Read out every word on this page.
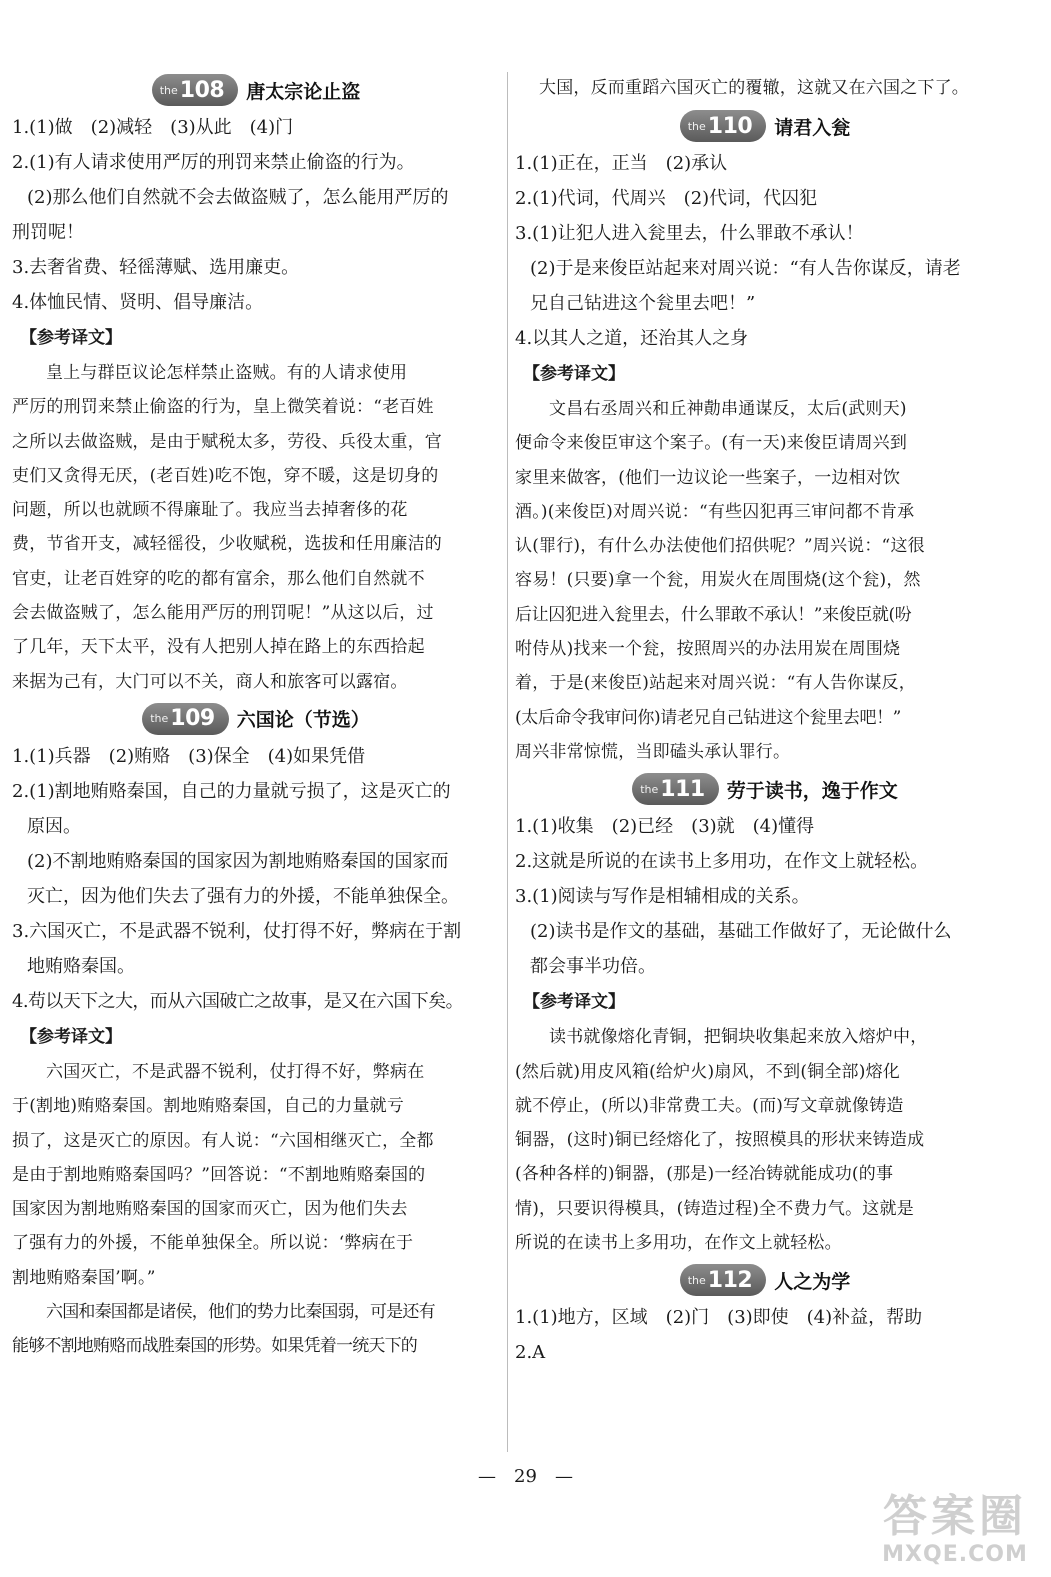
the 108 唐太宗论止盗
1.(1)做　(2)减轻　(3)从此　(4)门
2.(1)有人请求使用严厉的刑罚来禁止偷盗的行为。
(2)那么他们自然就不会去做盗贼了，怎么能用严厉的
刑罚呢！
3.去奢省费、轻徭薄赋、选用廉吏。
4.体恤民情、贤明、倡导廉洁。
【参考译文】
皇上与群臣议论怎样禁止盗贼。有的人请求使用
严厉的刑罚来禁止偷盗的行为，皇上微笑着说：“老百姓
之所以去做盗贼，是由于赋税太多，劳役、兵役太重，官
吏们又贪得无厌，(老百姓)吃不饱，穿不暖，这是切身的
问题，所以也就顾不得廉耻了。我应当去掉奢侈的花
费，节省开支，减轻徭役，少收赋税，选拔和任用廉洁的
官吏，让老百姓穿的吃的都有富余，那么他们自然就不
会去做盗贼了，怎么能用严厉的刑罚呢！”从这以后，过
了几年，天下太平，没有人把别人掉在路上的东西拾起
来据为己有，大门可以不关，商人和旅客可以露宿。
the 109 六国论（节选）
1.(1)兵器　(2)贿赂　(3)保全　(4)如果凭借
2.(1)割地贿赂秦国，自己的力量就亏损了，这是灭亡的
原因。
(2)不割地贿赂秦国的国家因为割地贿赂秦国的国家而
灭亡，因为他们失去了强有力的外援，不能单独保全。
3.六国灭亡，不是武器不锐利，仗打得不好，弊病在于割
地贿赂秦国。
4.苟以天下之大，而从六国破亡之故事，是又在六国下矣。
【参考译文】
六国灭亡，不是武器不锐利，仗打得不好，弊病在
于(割地)贿赂秦国。割地贿赂秦国，自己的力量就亏
损了，这是灭亡的原因。有人说：“六国相继灭亡，全都
是由于割地贿赂秦国吗？”回答说：“不割地贿赂秦国的
国家因为割地贿赂秦国的国家而灭亡，因为他们失去
了强有力的外援，不能单独保全。所以说：‘弊病在于
割地贿赂秦国’啊。”
六国和秦国都是诸侯，他们的势力比秦国弱，可是还有
能够不割地贿赂而战胜秦国的形势。如果凭着一统天下的
大国，反而重蹈六国灭亡的覆辙，这就又在六国之下了。
the 110 请君入瓮
1.(1)正在，正当　(2)承认
2.(1)代词，代周兴　(2)代词，代囚犯
3.(1)让犯人进入瓮里去，什么罪敢不承认！
(2)于是来俊臣站起来对周兴说：“有人告你谋反，请老
兄自己钻进这个瓮里去吧！”
4.以其人之道，还治其人之身
【参考译文】
文昌右丞周兴和丘神勣串通谋反，太后(武则天)
便命令来俊臣审这个案子。(有一天)来俊臣请周兴到
家里来做客，(他们一边议论一些案子，一边相对饮
酒。)(来俊臣)对周兴说：“有些囚犯再三审问都不肯承
认(罪行)，有什么办法使他们招供呢？”周兴说：“这很
容易！(只要)拿一个瓮，用炭火在周围烧(这个瓮)，然
后让囚犯进入瓮里去，什么罪敢不承认！”来俊臣就(吩
咐侍从)找来一个瓮，按照周兴的办法用炭在周围烧
着，于是(来俊臣)站起来对周兴说：“有人告你谋反，
(太后命令我审问你)请老兄自己钻进这个瓮里去吧！”
周兴非常惊慌，当即磕头承认罪行。
the 111 劳于读书，逸于作文
1.(1)收集　(2)已经　(3)就　(4)懂得
2.这就是所说的在读书上多用功，在作文上就轻松。
3.(1)阅读与写作是相辅相成的关系。
(2)读书是作文的基础，基础工作做好了，无论做什么
都会事半功倍。
【参考译文】
读书就像熔化青铜，把铜块收集起来放入熔炉中，
(然后就)用皮风箱(给炉火)扇风，不到(铜全部)熔化
就不停止，(所以)非常费工夫。(而)写文章就像铸造
铜器，(这时)铜已经熔化了，按照模具的形状来铸造成
(各种各样的)铜器，(那是)一经冶铸就能成功(的事
情)，只要识得模具，(铸造过程)全不费力气。这就是
所说的在读书上多用功，在作文上就轻松。
the 112 人之为学
1.(1)地方，区域　(2)门　(3)即使　(4)补益，帮助
2.A
—　29　—
答案圈
MXQE.COM
